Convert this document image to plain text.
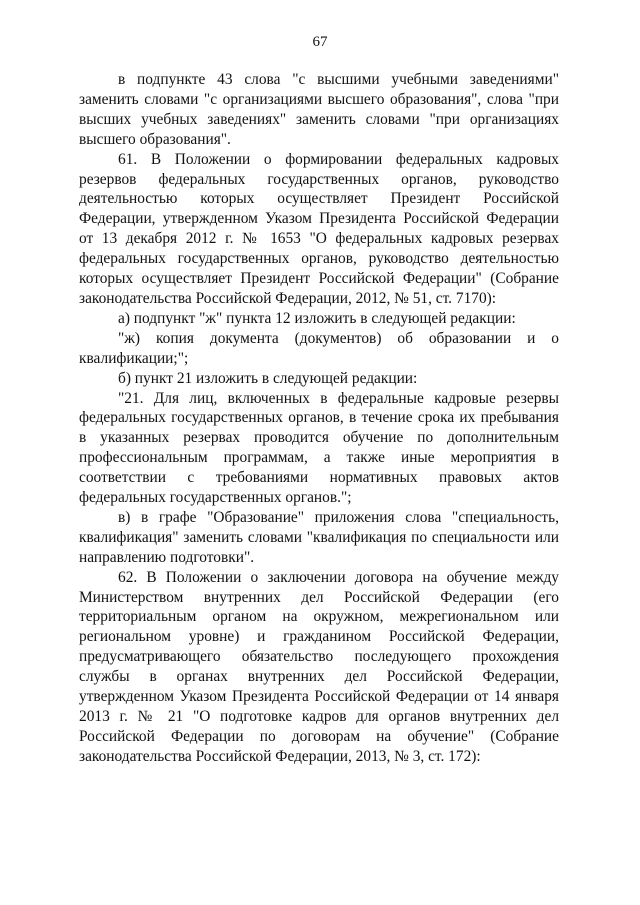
67

в подпункте 43 слова "с высшими учебными заведениями" заменить словами "с организациями высшего образования", слова "при высших учебных заведениях" заменить словами "при организациях высшего образования".

61. В Положении о формировании федеральных кадровых резервов федеральных государственных органов, руководство деятельностью которых осуществляет Президент Российской Федерации, утвержденном Указом Президента Российской Федерации от 13 декабря 2012 г. № 1653 "О федеральных кадровых резервах федеральных государственных органов, руководство деятельностью которых осуществляет Президент Российской Федерации" (Собрание законодательства Российской Федерации, 2012, № 51, ст. 7170):

а) подпункт "ж" пункта 12 изложить в следующей редакции:

"ж) копия документа (документов) об образовании и о квалификации;";

б) пункт 21 изложить в следующей редакции:

"21. Для лиц, включенных в федеральные кадровые резервы федеральных государственных органов, в течение срока их пребывания в указанных резервах проводится обучение по дополнительным профессиональным программам, а также иные мероприятия в соответствии с требованиями нормативных правовых актов федеральных государственных органов.";

в) в графе "Образование" приложения слова "специальность, квалификация" заменить словами "квалификация по специальности или направлению подготовки".

62. В Положении о заключении договора на обучение между Министерством внутренних дел Российской Федерации (его территориальным органом на окружном, межрегиональном или региональном уровне) и гражданином Российской Федерации, предусматривающего обязательство последующего прохождения службы в органах внутренних дел Российской Федерации, утвержденном Указом Президента Российской Федерации от 14 января 2013 г. № 21 "О подготовке кадров для органов внутренних дел Российской Федерации по договорам на обучение" (Собрание законодательства Российской Федерации, 2013, № 3, ст. 172):
